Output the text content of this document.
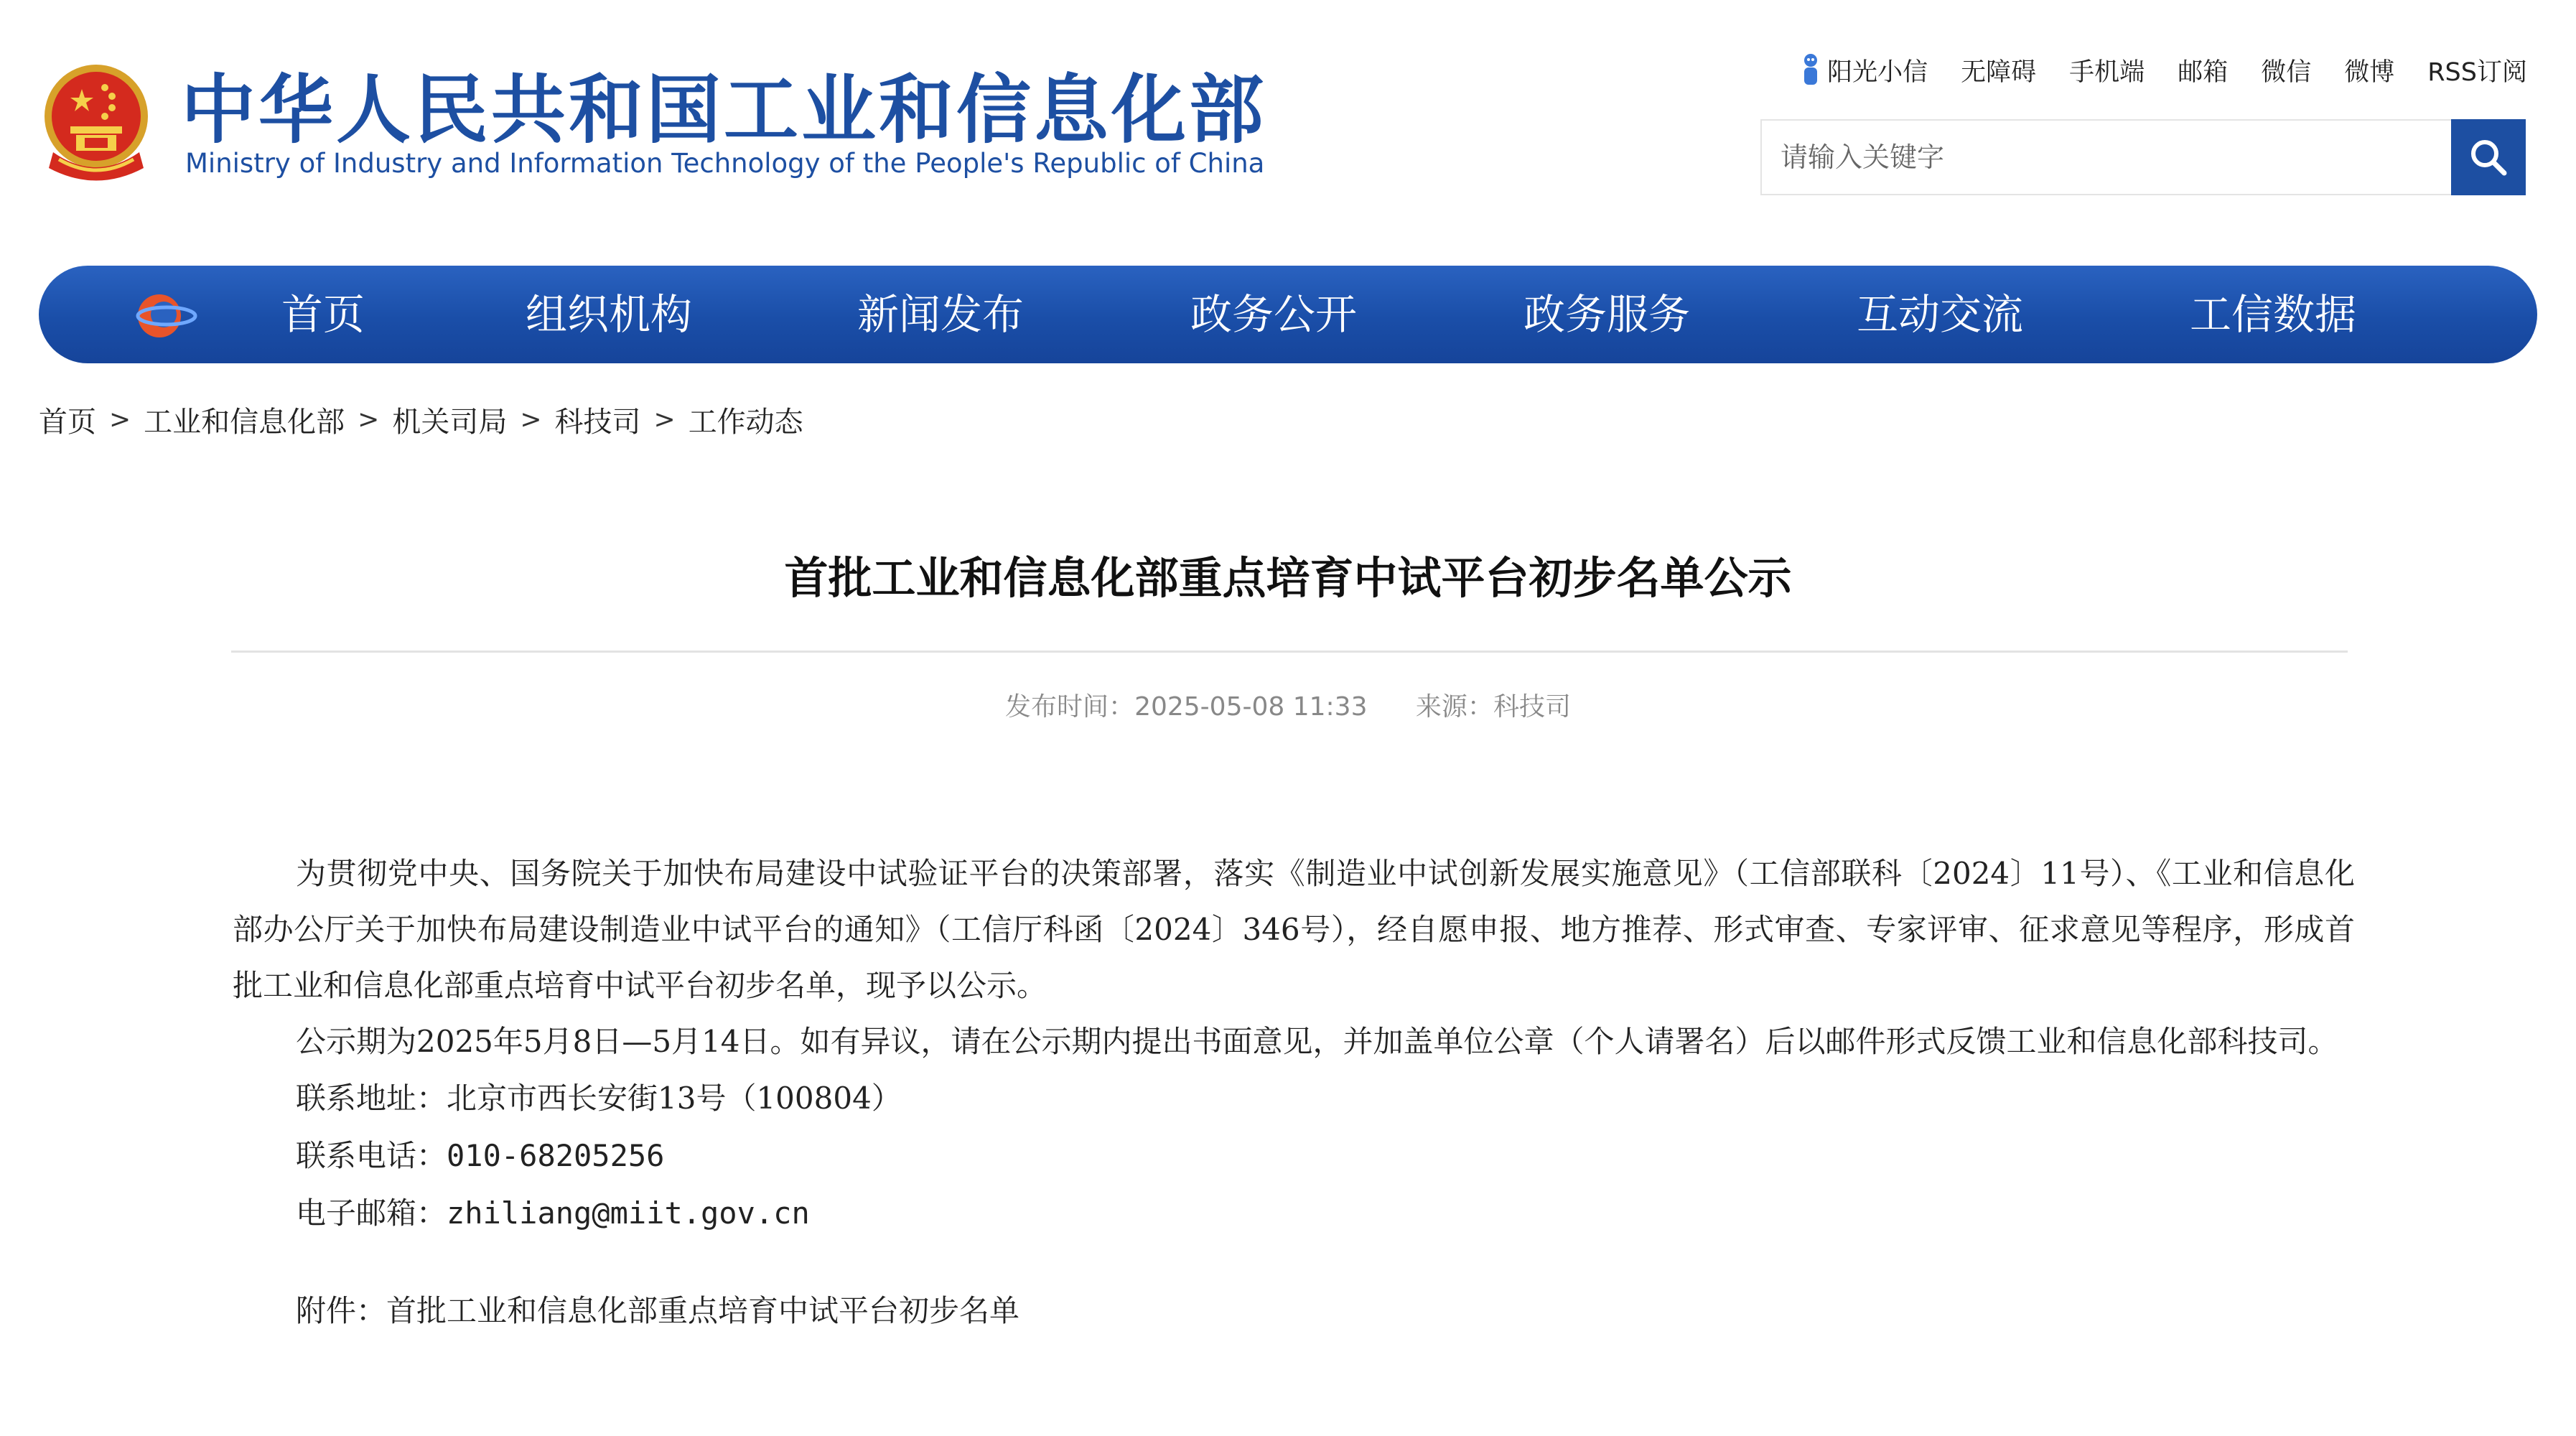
中华人民共和国工业和信息化部
Ministry of Industry and Information Technology of the People's Republic of China
阳光小信 无障碍 手机端 邮箱 微信 微博 RSS订阅
请输入关键字
首页	组织机构	新闻发布	政务公开	政务服务	互动交流	工信数据
首页 > 工业和信息化部 > 机关司局 > 科技司 > 工作动态
首批工业和信息化部重点培育中试平台初步名单公示
发布时间：2025-05-08 11:33 来源：科技司

为贯彻党中央、国务院关于加快布局建设中试验证平台的决策部署，落实《制造业中试创新发展实施意见》（工信部联科〔2024〕11号）、《工业和信息化部办公厅关于加快布局建设制造业中试平台的通知》（工信厅科函〔2024〕346号），经自愿申报、地方推荐、形式审查、专家评审、征求意见等程序，形成首批工业和信息化部重点培育中试平台初步名单，现予以公示。

公示期为2025年5月8日—5月14日。如有异议，请在公示期内提出书面意见，并加盖单位公章（个人请署名）后以邮件形式反馈工业和信息化部科技司。

联系地址：北京市西长安街13号（100804）

联系电话：010-68205256

电子邮箱：zhiliang@miit.gov.cn

附件：首批工业和信息化部重点培育中试平台初步名单
